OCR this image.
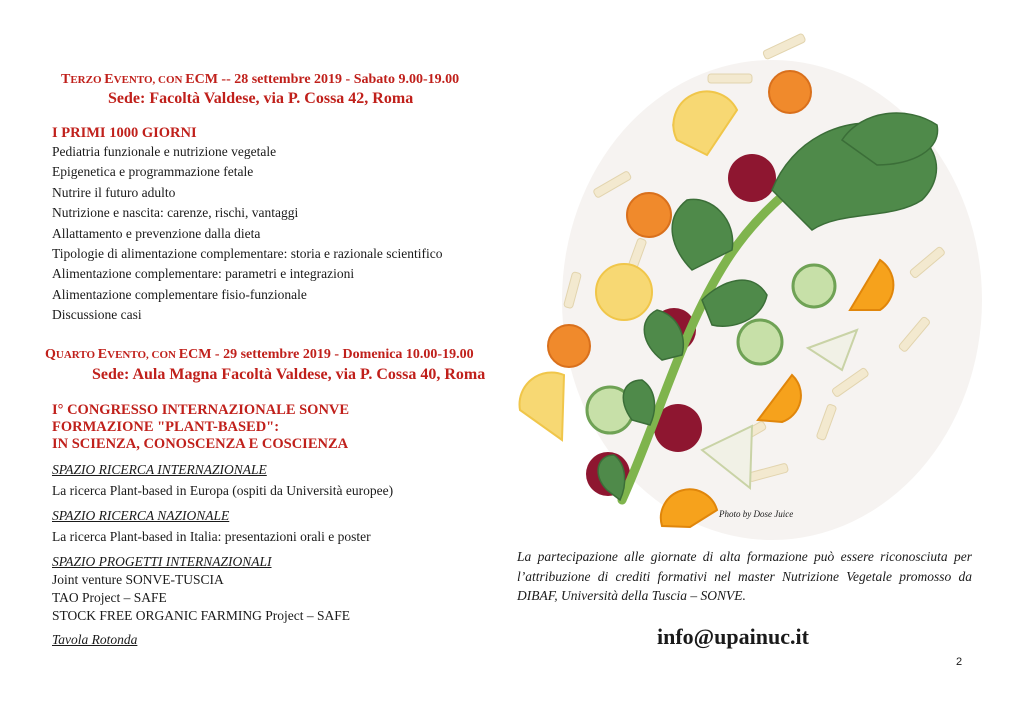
TERZO EVENTO, CON ECM -- 28 settembre 2019 - Sabato 9.00-19.00
Sede: Facoltà Valdese, via P. Cossa 42, Roma
I PRIMI 1000 GIORNI
Pediatria funzionale e nutrizione vegetale
Epigenetica e programmazione fetale
Nutrire il futuro adulto
Nutrizione e nascita: carenze, rischi, vantaggi
Allattamento e prevenzione dalla dieta
Tipologie di alimentazione complementare: storia e razionale scientifico
Alimentazione complementare: parametri e integrazioni
Alimentazione complementare fisio-funzionale
Discussione casi
QUARTO EVENTO, CON ECM - 29 settembre 2019 - Domenica 10.00-19.00
Sede: Aula Magna Facoltà Valdese, via P. Cossa 40, Roma
I° CONGRESSO INTERNAZIONALE SONVE
FORMAZIONE "PLANT-BASED":
IN SCIENZA, CONOSCENZA E COSCIENZA
SPAZIO RICERCA INTERNAZIONALE
La ricerca Plant-based in Europa (ospiti da Università europee)
SPAZIO RICERCA NAZIONALE
La ricerca Plant-based in Italia: presentazioni orali e poster
SPAZIO PROGETTI INTERNAZIONALI
Joint venture SONVE-TUSCIA
TAO Project – SAFE
STOCK FREE ORGANIC FARMING Project – SAFE
Tavola Rotonda
Photo by Dose Juice
La partecipazione alle giornate di alta formazione può essere riconosciuta per l’attribuzione di crediti formativi nel master Nutrizione Vegetale promosso da DIBAF, Università della Tuscia – SONVE.
info@upainuc.it
2
